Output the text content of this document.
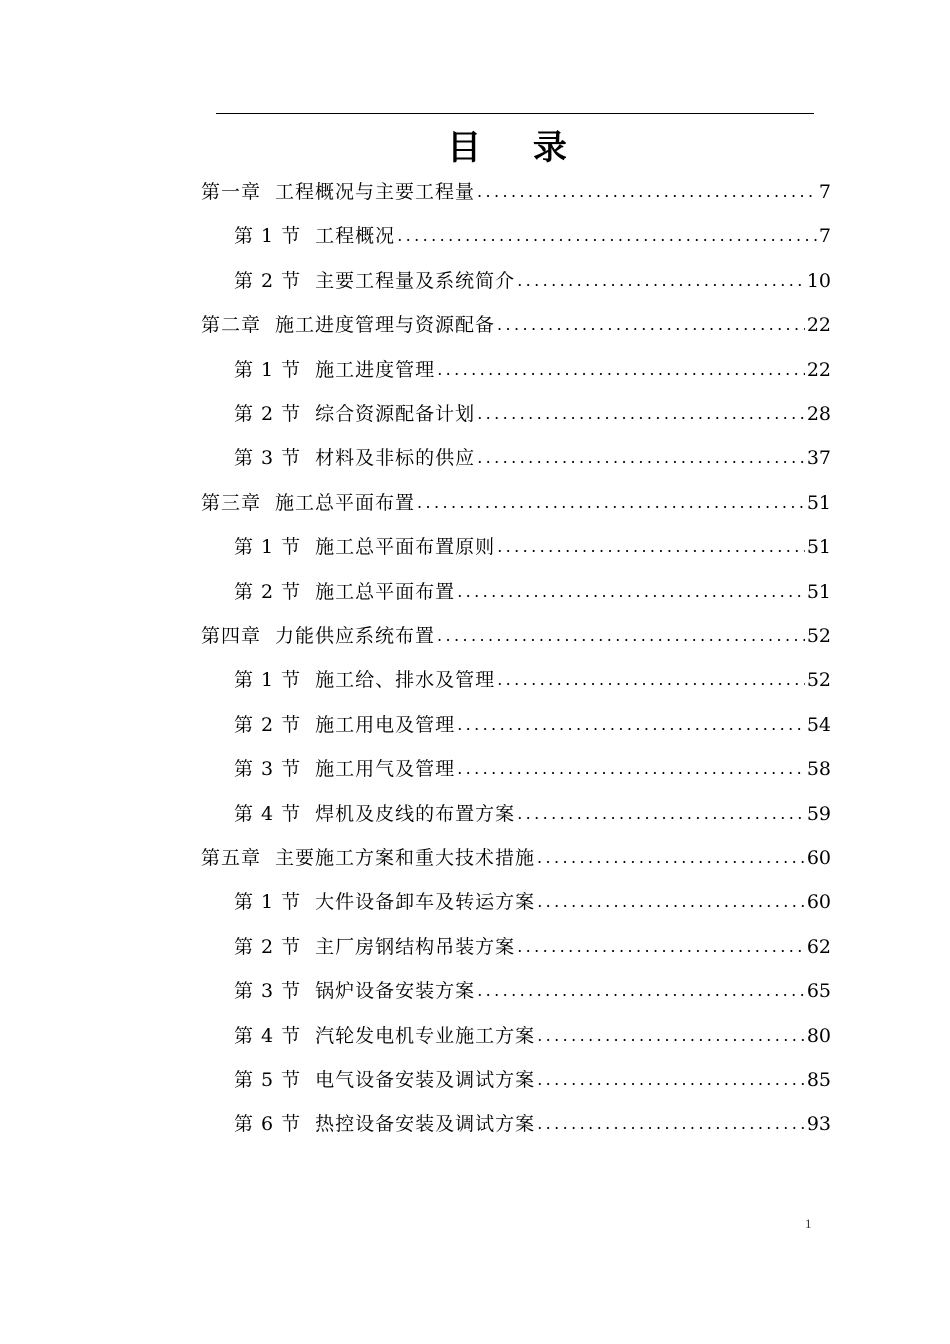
目 录
第一章 工程概况与主要工程量 .....	7
第 1 节 工程概况 .....	7
第 2 节 主要工程量及系统简介 .....	10
第二章 施工进度管理与资源配备 .....	22
第 1 节 施工进度管理 .....	22
第 2 节 综合资源配备计划 .....	28
第 3 节 材料及非标的供应 .....	37
第三章 施工总平面布置 .....	51
第 1 节 施工总平面布置原则 .....	51
第 2 节 施工总平面布置 .....	51
第四章 力能供应系统布置 .....	52
第 1 节 施工给、排水及管理 .....	52
第 2 节 施工用电及管理 .....	54
第 3 节 施工用气及管理 .....	58
第 4 节 焊机及皮线的布置方案 .....	59
第五章 主要施工方案和重大技术措施 .....	60
第 1 节 大件设备卸车及转运方案 .....	60
第 2 节 主厂房钢结构吊装方案 .....	62
第 3 节 锅炉设备安装方案 .....	65
第 4 节 汽轮发电机专业施工方案 .....	80
第 5 节 电气设备安装及调试方案 .....	85
第 6 节 热控设备安装及调试方案 .....	93
1
